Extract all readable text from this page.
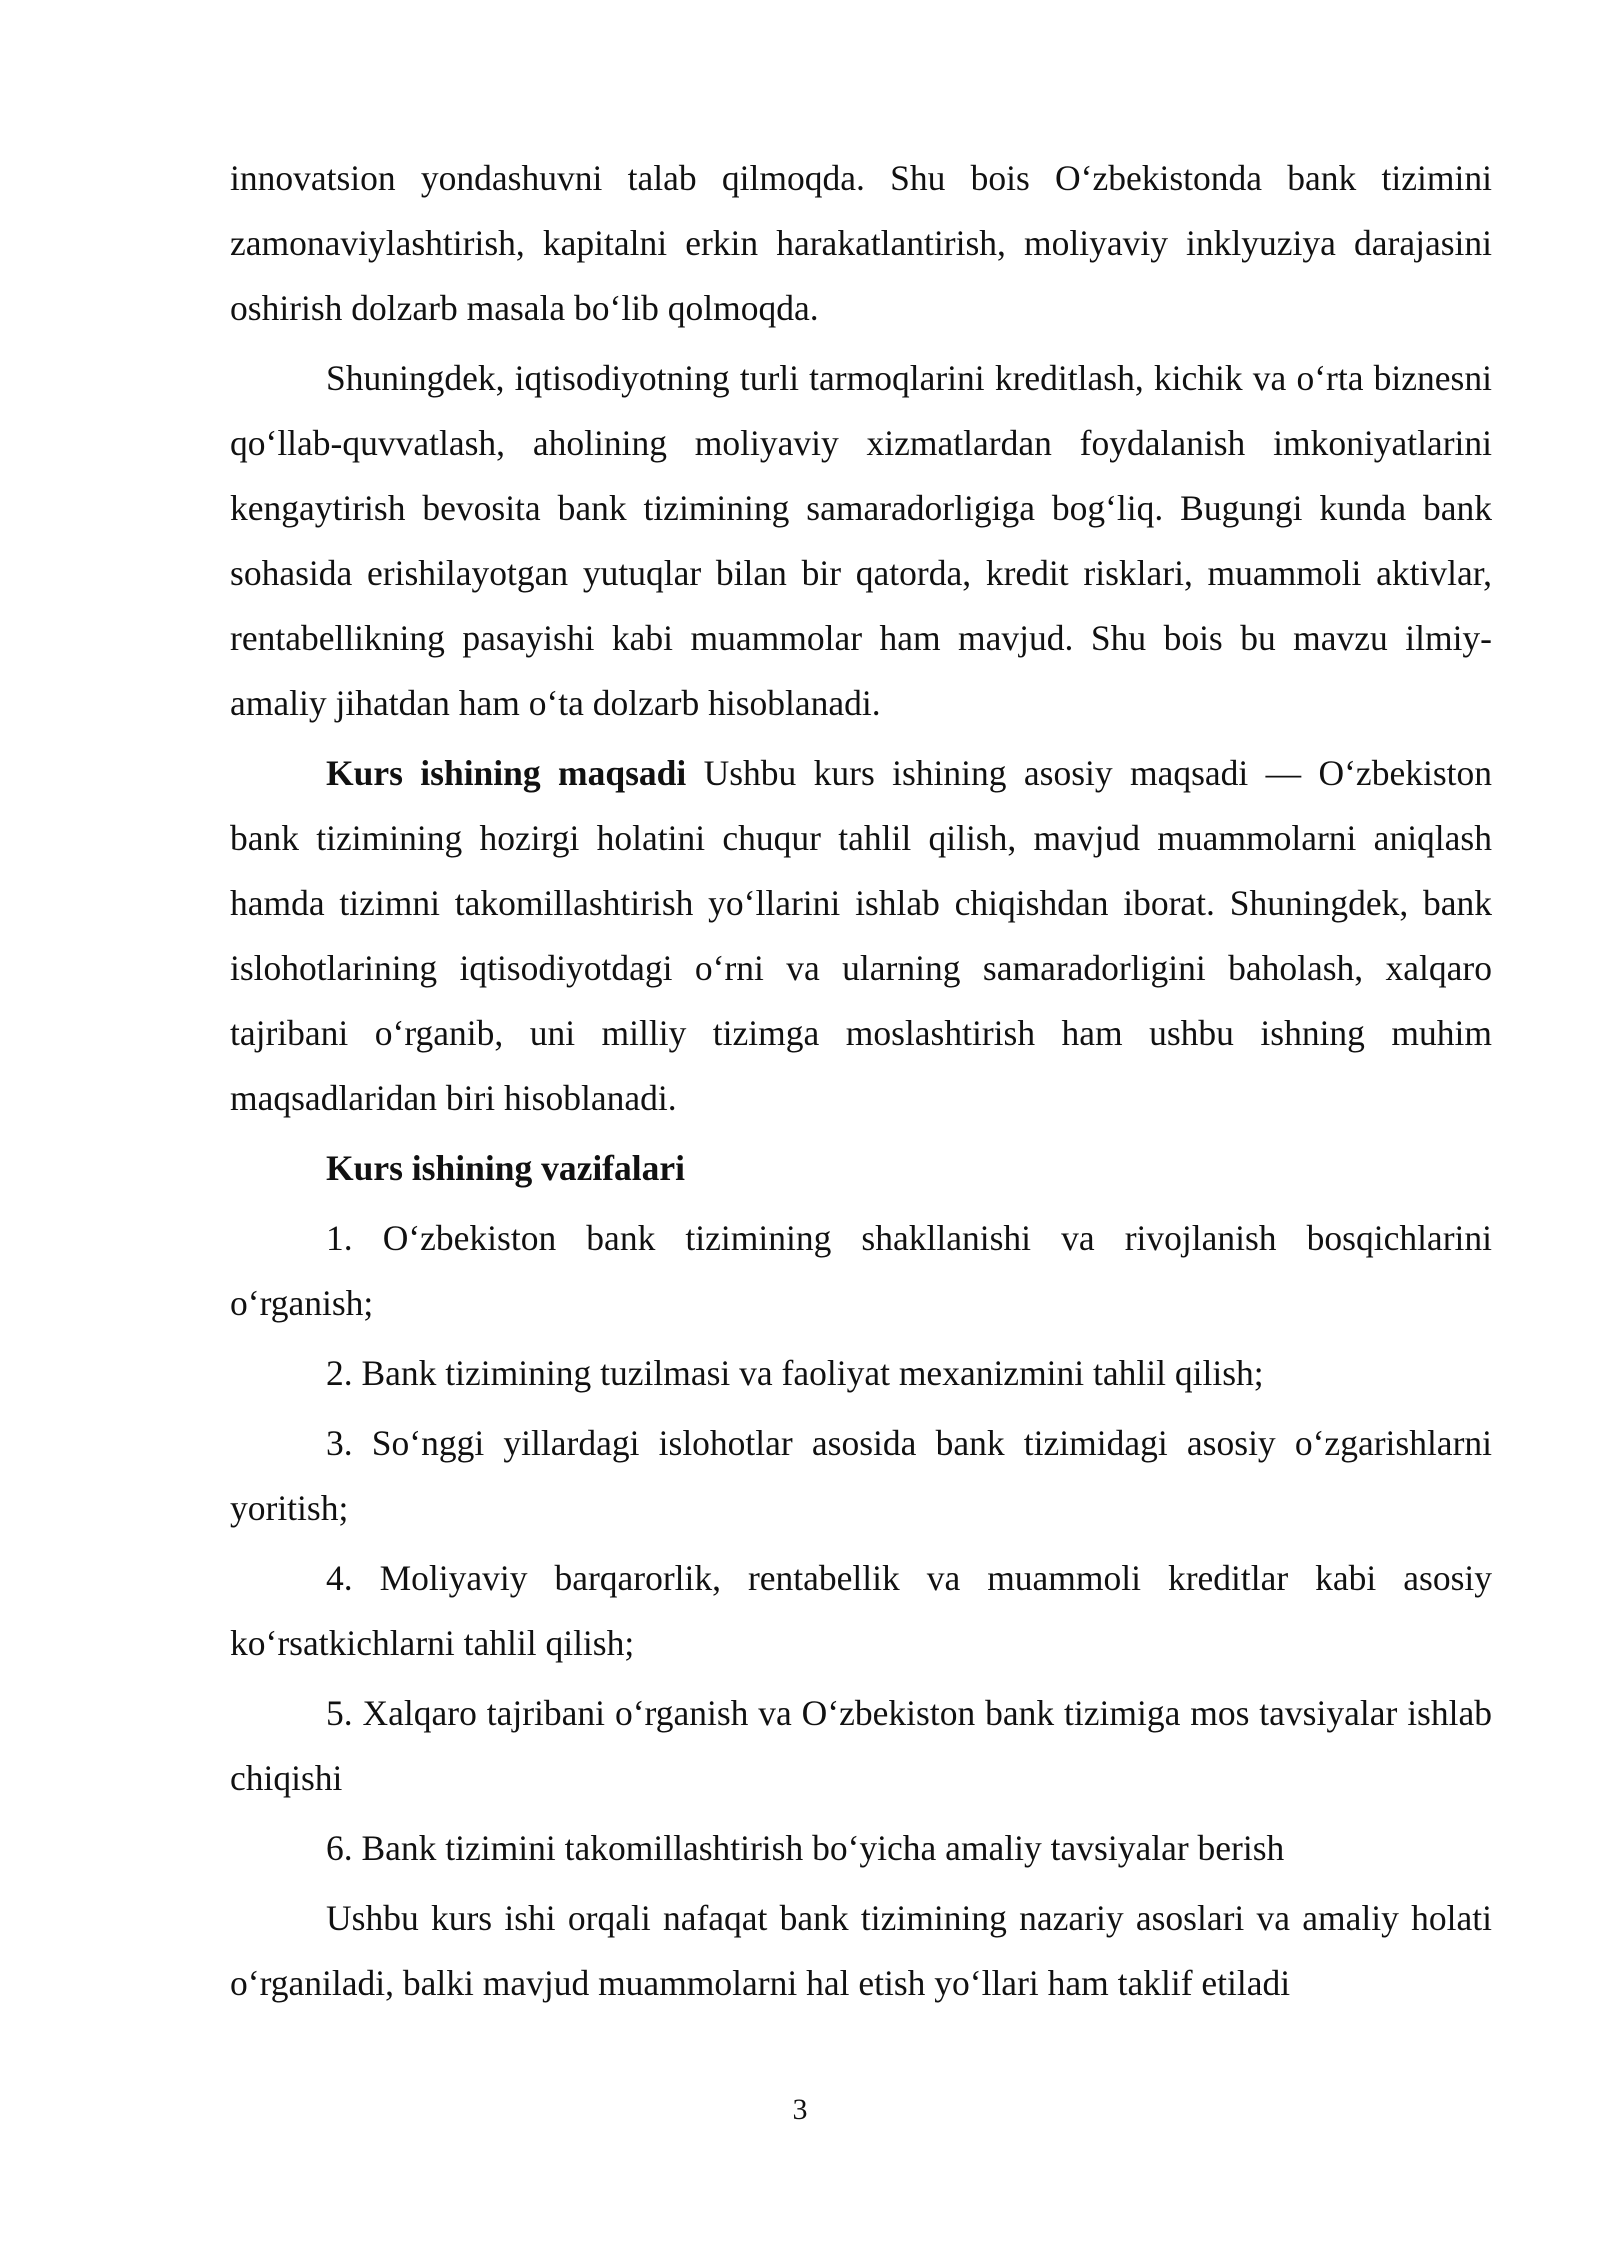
innovatsion yondashuvni talab qilmoqda. Shu bois O‘zbekistonda bank tizimini zamonaviylashtirish, kapitalni erkin harakatlantirish, moliyaviy inklyuziya darajasini oshirish dolzarb masala bo‘lib qolmoqda.

Shuningdek, iqtisodiyotning turli tarmoqlarini kreditlash, kichik va o‘rta biznesni qo‘llab-quvvatlash, aholining moliyaviy xizmatlardan foydalanish imkoniyatlarini kengaytirish bevosita bank tizimining samaradorligiga bog‘liq. Bugungi kunda bank sohasida erishilayotgan yutuqlar bilan bir qatorda, kredit risklari, muammoli aktivlar, rentabellikning pasayishi kabi muammolar ham mavjud. Shu bois bu mavzu ilmiy-amaliy jihatdan ham o‘ta dolzarb hisoblanadi.

Kurs ishining maqsadi Ushbu kurs ishining asosiy maqsadi — O‘zbekiston bank tizimining hozirgi holatini chuqur tahlil qilish, mavjud muammolarni aniqlash hamda tizimni takomillashtirish yo‘llarini ishlab chiqishdan iborat. Shuningdek, bank islohotlarining iqtisodiyotdagi o‘rni va ularning samaradorligini baholash, xalqaro tajribani o‘rganib, uni milliy tizimga moslashtirish ham ushbu ishning muhim maqsadlaridan biri hisoblanadi.

Kurs ishining vazifalari

1. O‘zbekiston bank tizimining shakllanishi va rivojlanish bosqichlarini o‘rganish;

2. Bank tizimining tuzilmasi va faoliyat mexanizmini tahlil qilish;

3. So‘nggi yillardagi islohotlar asosida bank tizimidagi asosiy o‘zgarishlarni yoritish;

4. Moliyaviy barqarorlik, rentabellik va muammoli kreditlar kabi asosiy ko‘rsatkichlarni tahlil qilish;

5. Xalqaro tajribani o‘rganish va O‘zbekiston bank tizimiga mos tavsiyalar ishlab chiqishi

6. Bank tizimini takomillashtirish bo‘yicha amaliy tavsiyalar berish

Ushbu kurs ishi orqali nafaqat bank tizimining nazariy asoslari va amaliy holati o‘rganiladi, balki mavjud muammolarni hal etish yo‘llari ham taklif etiladi

3
